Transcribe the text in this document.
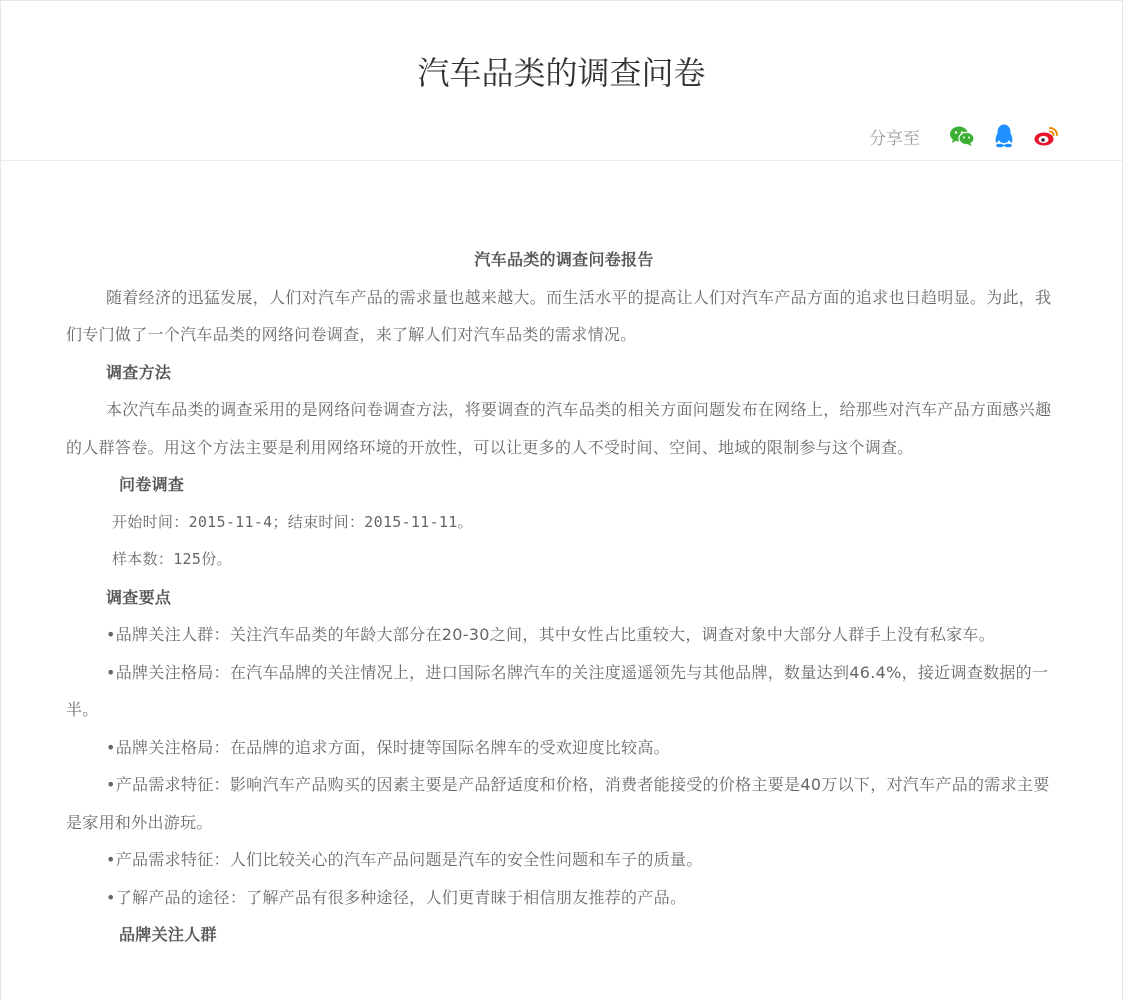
汽车品类的调查问卷
分享至

汽车品类的调查问卷报告

随着经济的迅猛发展，人们对汽车产品的需求量也越来越大。而生活水平的提高让人们对汽车产品方面的追求也日趋明显。为此，我们专门做了一个汽车品类的网络问卷调查，来了解人们对汽车品类的需求情况。

调查方法

本次汽车品类的调查采用的是网络问卷调查方法，将要调查的汽车品类的相关方面问题发布在网络上，给那些对汽车产品方面感兴趣的人群答卷。用这个方法主要是利用网络环境的开放性，可以让更多的人不受时间、空间、地域的限制参与这个调查。

问卷调查

开始时间：2015-11-4；结束时间：2015-11-11。

样本数：125份。

调查要点

•品牌关注人群：关注汽车品类的年龄大部分在20-30之间，其中女性占比重较大，调查对象中大部分人群手上没有私家车。

•品牌关注格局：在汽车品牌的关注情况上，进口国际名牌汽车的关注度遥遥领先与其他品牌，数量达到46.4%，接近调查数据的一半。

•品牌关注格局：在品牌的追求方面，保时捷等国际名牌车的受欢迎度比较高。

•产品需求特征：影响汽车产品购买的因素主要是产品舒适度和价格，消费者能接受的价格主要是40万以下，对汽车产品的需求主要是家用和外出游玩。

•产品需求特征：人们比较关心的汽车产品问题是汽车的安全性问题和车子的质量。

•了解产品的途径：了解产品有很多种途径，人们更青睐于相信朋友推荐的产品。

品牌关注人群
